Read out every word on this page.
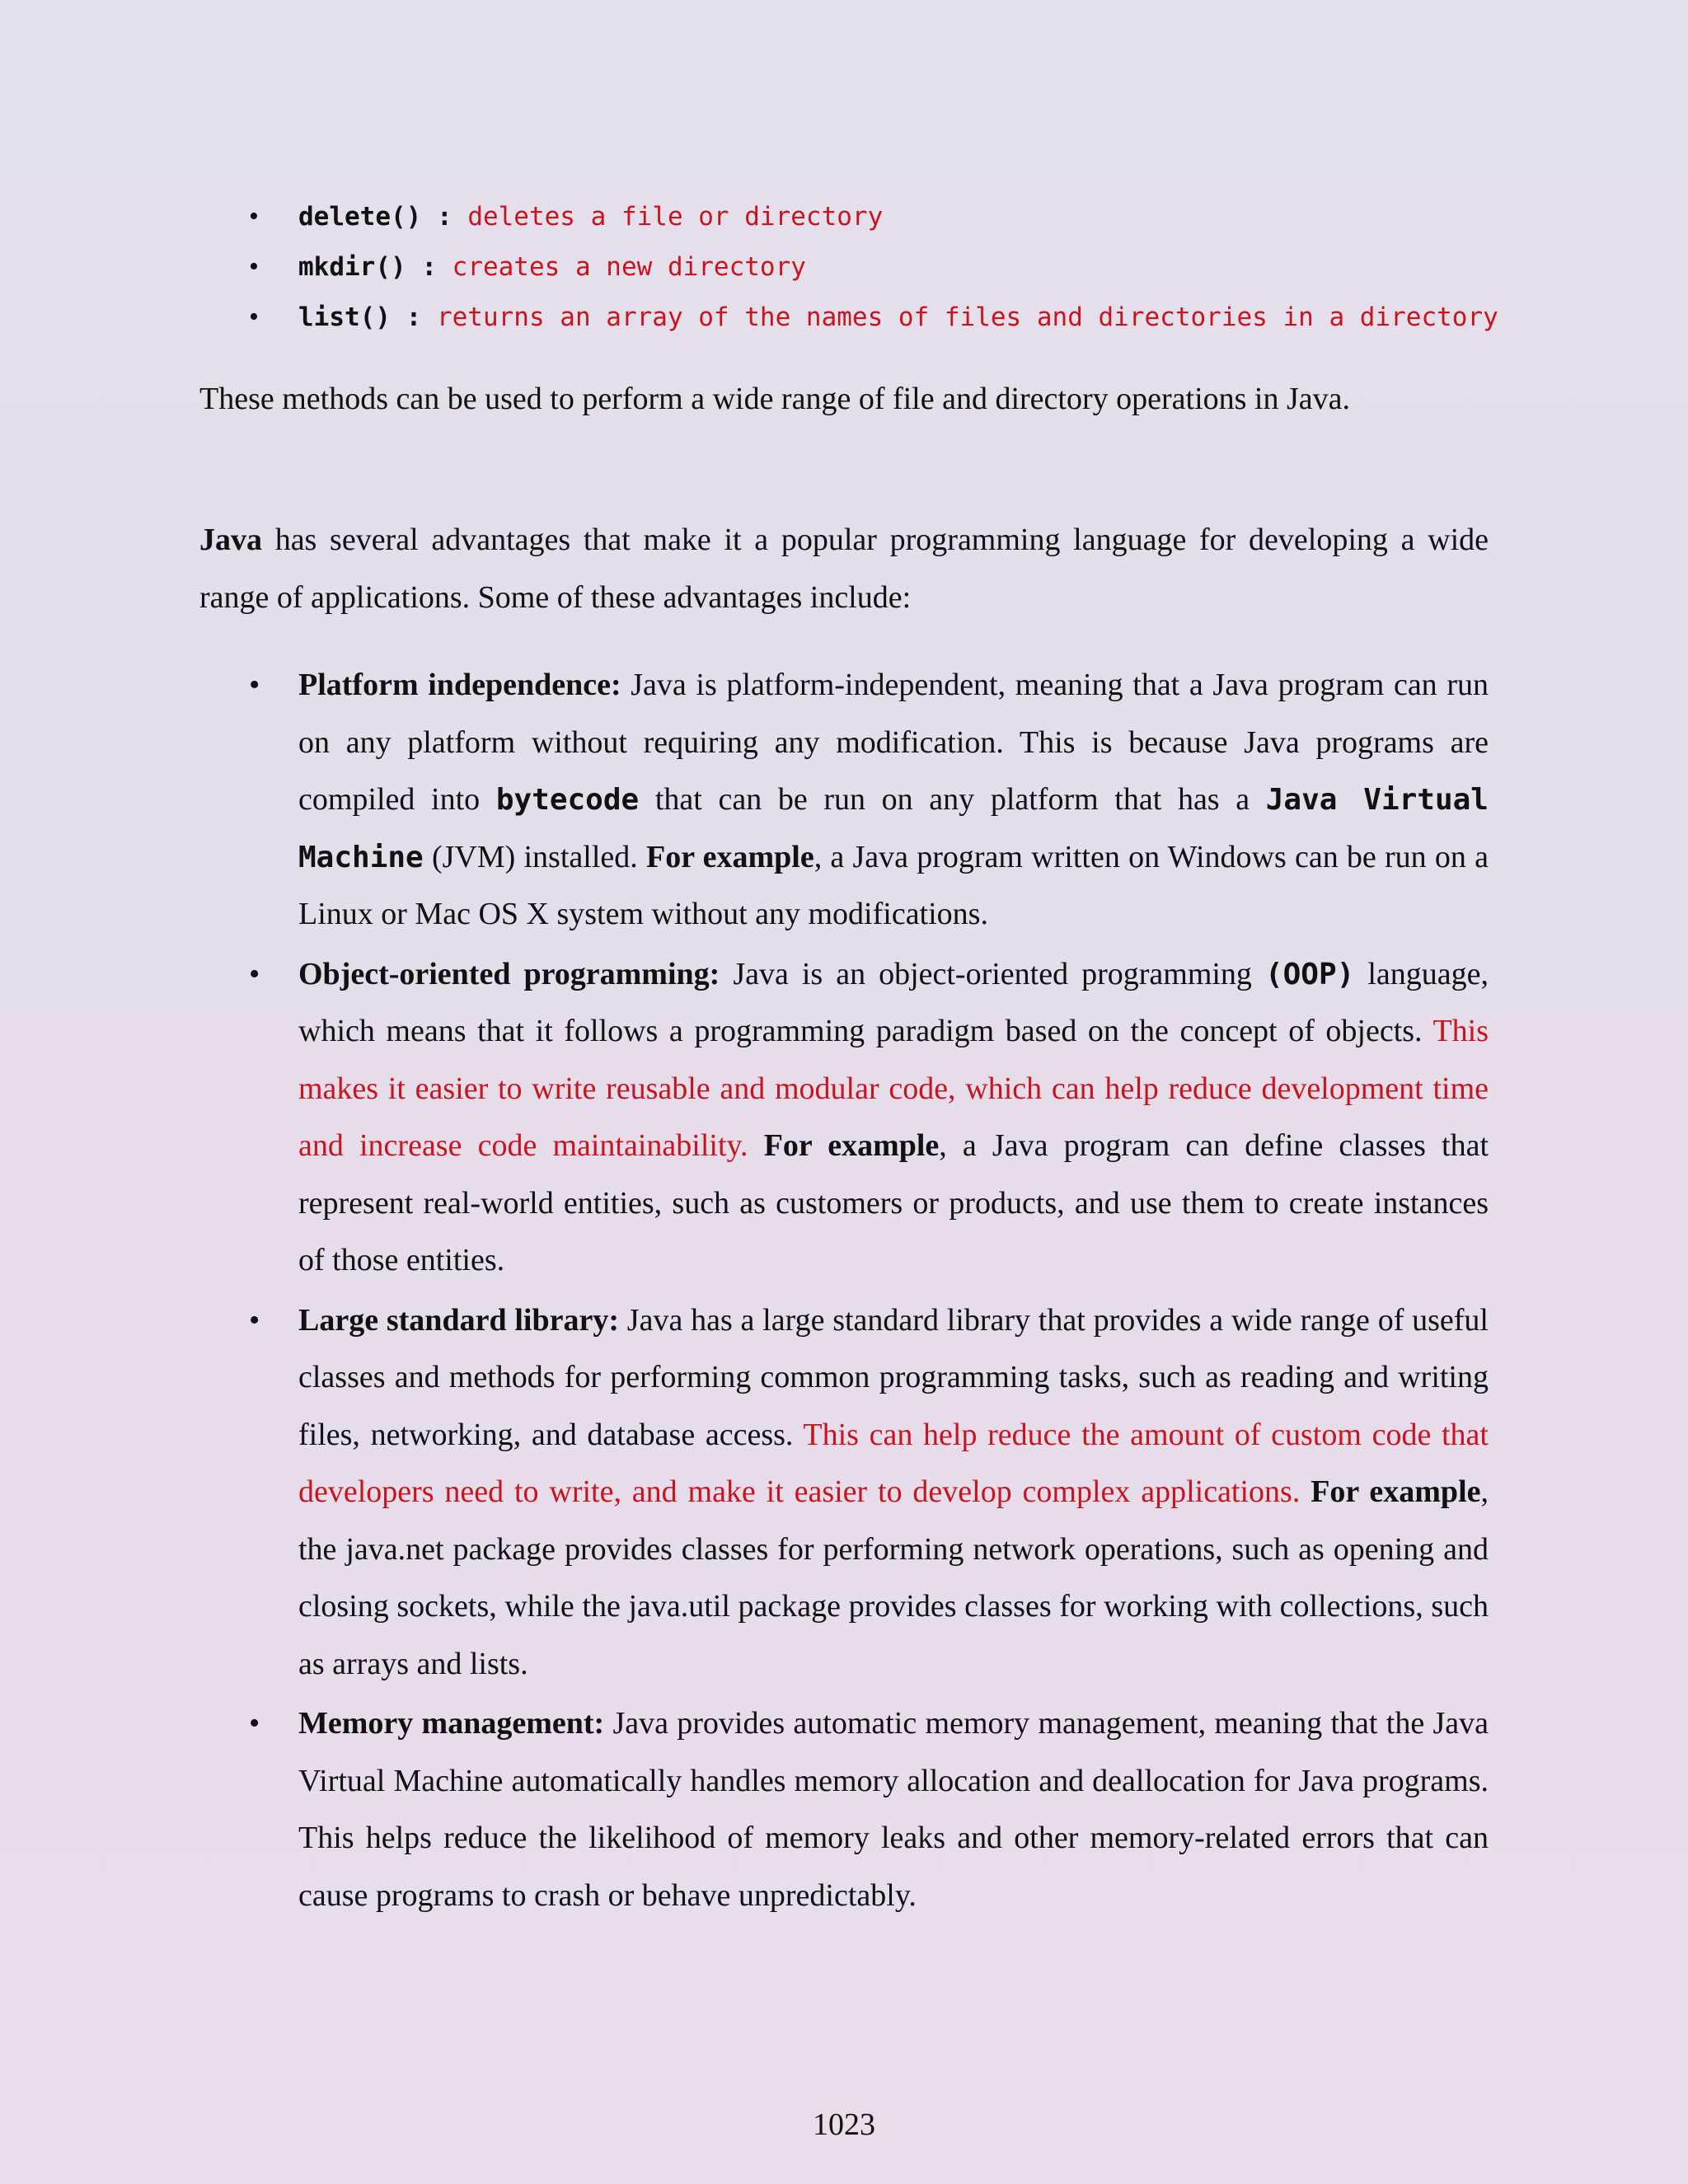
• delete() : deletes a file or directory
• mkdir() : creates a new directory
• list() : returns an array of the names of files and directories in a directory

These methods can be used to perform a wide range of file and directory operations in Java.

Java has several advantages that make it a popular programming language for developing a wide range of applications. Some of these advantages include:

• Platform independence: Java is platform-independent, meaning that a Java program can run on any platform without requiring any modification. This is because Java programs are compiled into bytecode that can be run on any platform that has a Java Virtual Machine (JVM) installed. For example, a Java program written on Windows can be run on a Linux or Mac OS X system without any modifications.
• Object-oriented programming: Java is an object-oriented programming (OOP) language, which means that it follows a programming paradigm based on the concept of objects. This makes it easier to write reusable and modular code, which can help reduce development time and increase code maintainability. For example, a Java program can define classes that represent real-world entities, such as customers or products, and use them to create instances of those entities.
• Large standard library: Java has a large standard library that provides a wide range of useful classes and methods for performing common programming tasks, such as reading and writing files, networking, and database access. This can help reduce the amount of custom code that developers need to write, and make it easier to develop complex applications. For example, the java.net package provides classes for performing network operations, such as opening and closing sockets, while the java.util package provides classes for working with collections, such as arrays and lists.
• Memory management: Java provides automatic memory management, meaning that the Java Virtual Machine automatically handles memory allocation and deallocation for Java programs. This helps reduce the likelihood of memory leaks and other memory-related errors that can cause programs to crash or behave unpredictably.
1023
